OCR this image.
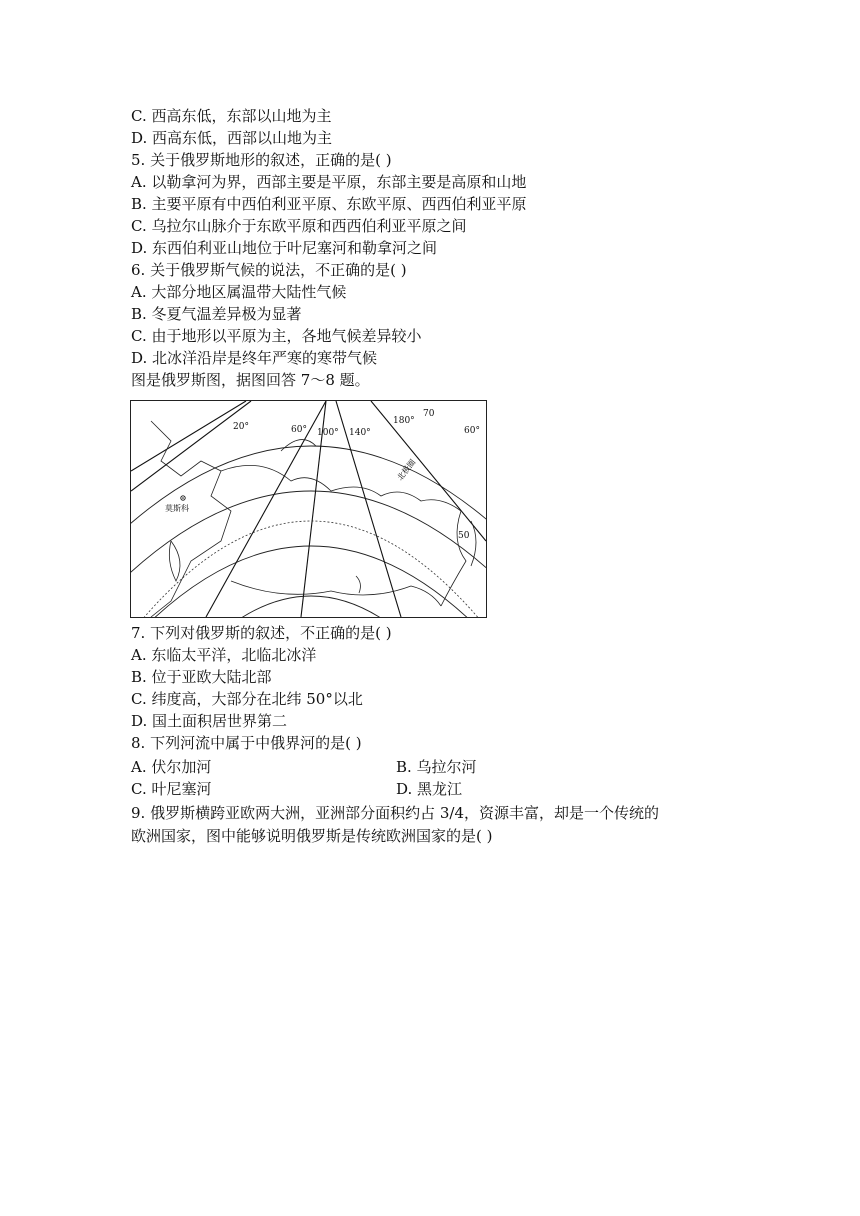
C. 西高东低，东部以山地为主
D. 西高东低，西部以山地为主
5. 关于俄罗斯地形的叙述，正确的是( )
A. 以勒拿河为界，西部主要是平原，东部主要是高原和山地
B. 主要平原有中西伯利亚平原、东欧平原、西西伯利亚平原
C. 乌拉尔山脉介于东欧平原和西西伯利亚平原之间
D. 东西伯利亚山地位于叶尼塞河和勒拿河之间
6. 关于俄罗斯气候的说法，不正确的是( )
A. 大部分地区属温带大陆性气候
B. 冬夏气温差异极为显著
C. 由于地形以平原为主，各地气候差异较小
D. 北冰洋沿岸是终年严寒的寒带气候
图是俄罗斯图，据图回答 7～8 题。
20°	60° 100° 140°
180°
70
60°
50
北极圈
莫斯科
7. 下列对俄罗斯的叙述，不正确的是( )
A. 东临太平洋，北临北冰洋
B. 位于亚欧大陆北部
C. 纬度高，大部分在北纬 50°以北
D. 国土面积居世界第二
8. 下列河流中属于中俄界河的是( )
A. 伏尔加河	B. 乌拉尔河
C. 叶尼塞河	D. 黑龙江
9. 俄罗斯横跨亚欧两大洲，亚洲部分面积约占 3/4，资源丰富，却是一个传统的
欧洲国家，图中能够说明俄罗斯是传统欧洲国家的是( )
